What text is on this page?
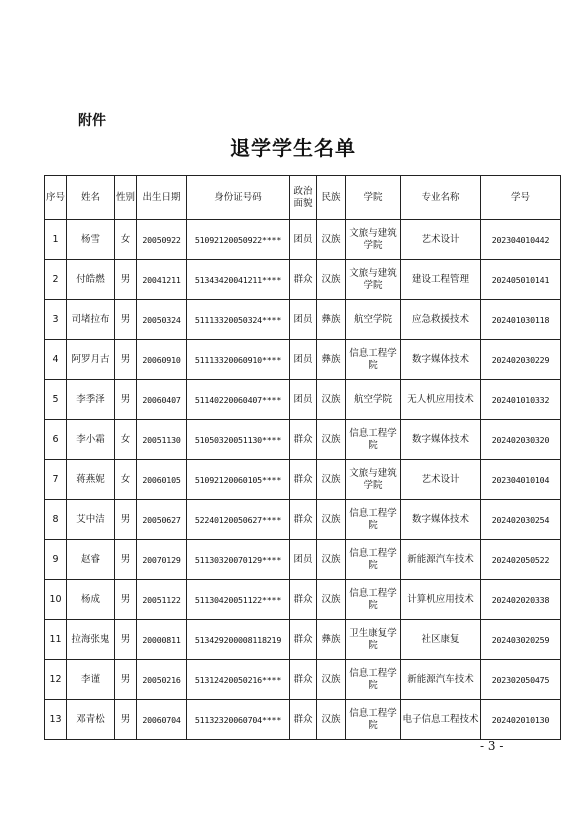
附件
退学学生名单
序号	姓名	性别	出生日期	身份证号码	政治面貌	民族	学院	专业名称	学号
1	杨雪	女	20050922	51092120050922****	团员	汉族	文旅与建筑学院	艺术设计	202304010442
2	付皓燃	男	20041211	51343420041211****	群众	汉族	文旅与建筑学院	建设工程管理	202405010141
3	司堵拉布	男	20050324	51113320050324****	团员	彝族	航空学院	应急救援技术	202401030118
4	阿罗月古	男	20060910	51113320060910****	团员	彝族	信息工程学院	数字媒体技术	202402030229
5	李季泽	男	20060407	51140220060407****	团员	汉族	航空学院	无人机应用技术	202401010332
6	李小霜	女	20051130	51050320051130****	群众	汉族	信息工程学院	数字媒体技术	202402030320
7	蒋燕妮	女	20060105	51092120060105****	群众	汉族	文旅与建筑学院	艺术设计	202304010104
8	艾中洁	男	20050627	52240120050627****	群众	汉族	信息工程学院	数字媒体技术	202402030254
9	赵睿	男	20070129	51130320070129****	团员	汉族	信息工程学院	新能源汽车技术	202402050522
10	杨成	男	20051122	51130420051122****	群众	汉族	信息工程学院	计算机应用技术	202402020338
11	拉海张鬼	男	20000811	513429200008118219	群众	彝族	卫生康复学院	社区康复	202403020259
12	李谨	男	20050216	51312420050216****	群众	汉族	信息工程学院	新能源汽车技术	202302050475
13	邓青松	男	20060704	51132320060704****	群众	汉族	信息工程学院	电子信息工程技术	202402010130
- 3 -
